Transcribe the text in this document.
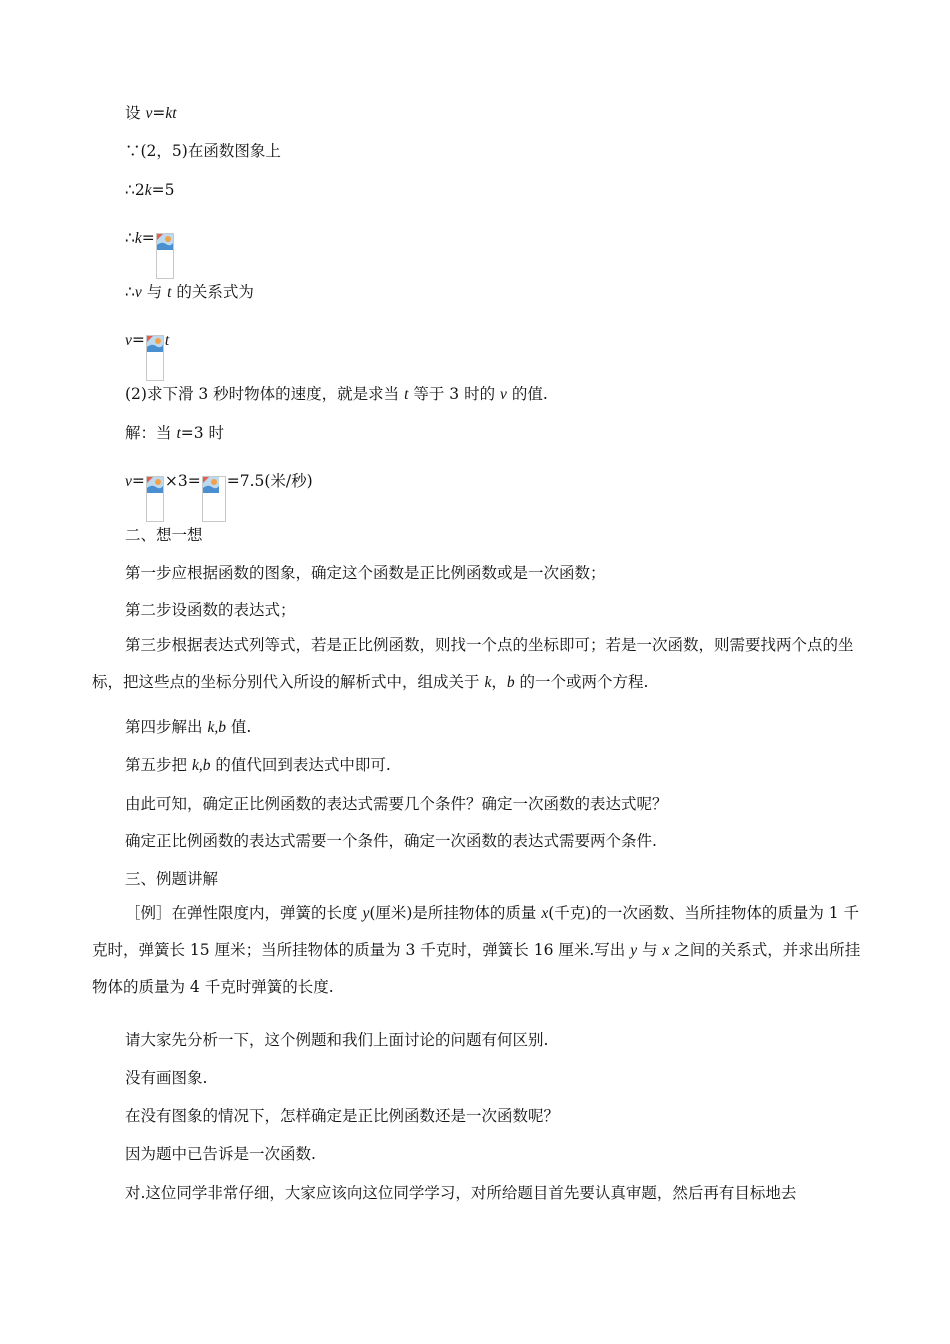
设 v=kt
∵(2，5)在函数图象上
∴2k=5
∴k=
∴v 与 t 的关系式为
v= t
(2)求下滑 3 秒时物体的速度，就是求当 t 等于 3 时的 v 的值.
解：当 t=3 时
v= ×3= =7.5(米/秒)
二、想一想
第一步应根据函数的图象，确定这个函数是正比例函数或是一次函数；
第二步设函数的表达式；
第三步根据表达式列等式，若是正比例函数，则找一个点的坐标即可；若是一次函数，则需要找两个点的坐标，把这些点的坐标分别代入所设的解析式中，组成关于 k，b 的一个或两个方程.
第四步解出 k,b 值.
第五步把 k,b 的值代回到表达式中即可.
由此可知，确定正比例函数的表达式需要几个条件？确定一次函数的表达式呢？
确定正比例函数的表达式需要一个条件，确定一次函数的表达式需要两个条件.
三、例题讲解
［例］在弹性限度内，弹簧的长度 y(厘米)是所挂物体的质量 x(千克)的一次函数、当所挂物体的质量为 1 千克时，弹簧长 15 厘米；当所挂物体的质量为 3 千克时，弹簧长 16 厘米.写出 y 与 x 之间的关系式，并求出所挂物体的质量为 4 千克时弹簧的长度.
请大家先分析一下，这个例题和我们上面讨论的问题有何区别.
没有画图象.
在没有图象的情况下，怎样确定是正比例函数还是一次函数呢？
因为题中已告诉是一次函数.
对.这位同学非常仔细，大家应该向这位同学学习，对所给题目首先要认真审题，然后再有目标地去
